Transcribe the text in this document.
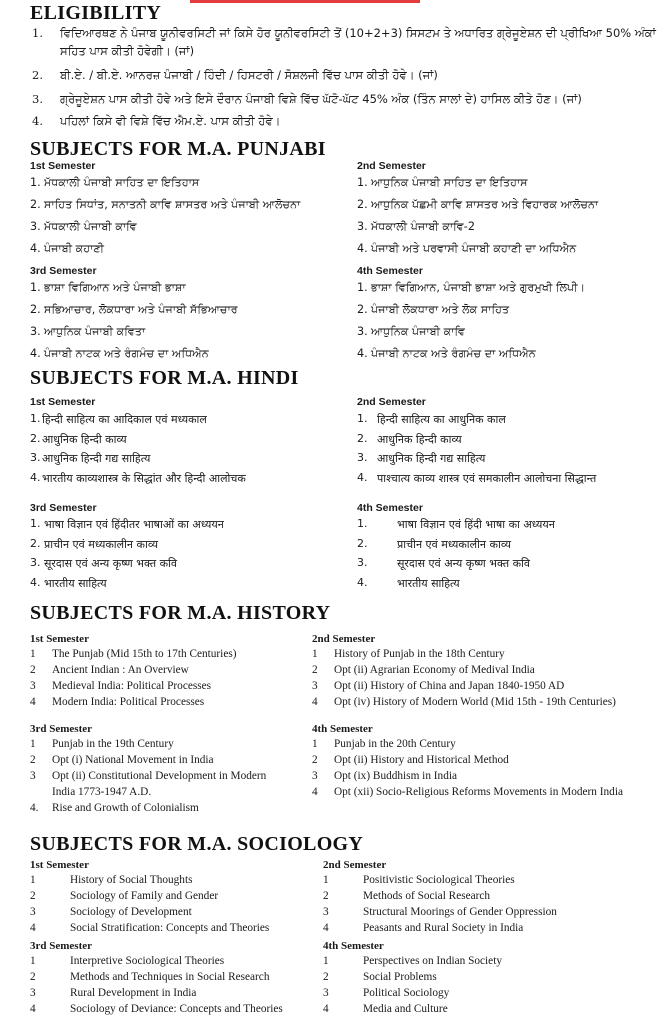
ELIGIBILITY
1. ਵਿਦਿਆਰਥਣ ਨੇ ਪੰਜਾਬ ਯੂਨੀਵਰਸਿਟੀ ਜਾਂ ਕਿਸੇ ਹੋਰ ਯੂਨੀਵਰਸਿਟੀ ਤੋਂ (10+2+3) ਸਿਸਟਮ ਤੇ ਅਧਾਰਿਤ ਗ੍ਰੇਜੂਏਸ਼ਨ ਦੀ ਪ੍ਰੀਖਿਆ 50% ਅੰਕਾਂ ਸਹਿਤ ਪਾਸ ਕੀਤੀ ਹੋਵੇਗੀ। (ਜਾਂ)
2. ਬੀ.ਏ. / ਬੀ.ਏ. ਆਨਰਜ਼ ਪੰਜਾਬੀ / ਹਿੰਦੀ / ਹਿਸਟਰੀ / ਸੋਸ਼ਲਜੀ ਵਿੱਚ ਪਾਸ ਕੀਤੀ ਹੋਵੇ। (ਜਾਂ)
3. ਗ੍ਰੇਜੂਏਸ਼ਨ ਪਾਸ ਕੀਤੀ ਹੋਵੇ ਅਤੇ ਇਸੇ ਦੌਰਾਨ ਪੰਜਾਬੀ ਵਿਸ਼ੇ ਵਿੱਚ ਘੱਟੋ-ਘੱਟ 45% ਅੰਕ (ਤਿੰਨ ਸਾਲਾਂ ਦੇ) ਹਾਸਿਲ ਕੀਤੇ ਹੋਣ। (ਜਾਂ)
4. ਪਹਿਲਾਂ ਕਿਸੇ ਵੀ ਵਿਸ਼ੇ ਵਿੱਚ ਐਮ.ਏ. ਪਾਸ ਕੀਤੀ ਹੋਵੇ।
SUBJECTS FOR M.A. PUNJABI
1st Semester
1. ਮੱਧਕਾਲੀ ਪੰਜਾਬੀ ਸਾਹਿਤ ਦਾ ਇਤਿਹਾਸ
2. ਸਾਹਿਤ ਸਿਧਾਂਤ, ਸਨਾਤਨੀ ਕਾਵਿ ਸ਼ਾਸਤਰ ਅਤੇ ਪੰਜਾਬੀ ਆਲੋਚਨਾ
3. ਮੱਧਕਾਲੀ ਪੰਜਾਬੀ ਕਾਵਿ
4. ਪੰਜਾਬੀ ਕਹਾਣੀ
2nd Semester
1. ਆਧੁਨਿਕ ਪੰਜਾਬੀ ਸਾਹਿਤ ਦਾ ਇਤਿਹਾਸ
2. ਆਧੁਨਿਕ ਪੱਛਮੀ ਕਾਵਿ ਸ਼ਾਸਤਰ ਅਤੇ ਵਿਹਾਰਕ ਆਲੋਚਨਾ
3. ਮੱਧਕਾਲੀ ਪੰਜਾਬੀ ਕਾਵਿ-2
4. ਪੰਜਾਬੀ ਅਤੇ ਪਰਵਾਸੀ ਪੰਜਾਬੀ ਕਹਾਣੀ ਦਾ ਅਧਿਐਨ
3rd Semester
1. ਭਾਸ਼ਾ ਵਿਗਿਆਨ ਅਤੇ ਪੰਜਾਬੀ ਭਾਸ਼ਾ
2. ਸਭਿਆਚਾਰ, ਲੋਕਧਾਰਾ ਅਤੇ ਪੰਜਾਬੀ ਸੱਭਿਆਚਾਰ
3. ਆਧੁਨਿਕ ਪੰਜਾਬੀ ਕਵਿਤਾ
4. ਪੰਜਾਬੀ ਨਾਟਕ ਅਤੇ ਰੰਗਮੰਚ ਦਾ ਅਧਿਐਨ
4th Semester
1. ਭਾਸ਼ਾ ਵਿਗਿਆਨ, ਪੰਜਾਬੀ ਭਾਸ਼ਾ ਅਤੇ ਗੁਰਮੁਖੀ ਲਿਪੀ।
2. ਪੰਜਾਬੀ ਲੋਕਧਾਰਾ ਅਤੇ ਲੋਕ ਸਾਹਿਤ
3. ਆਧੁਨਿਕ ਪੰਜਾਬੀ ਕਾਵਿ
4. ਪੰਜਾਬੀ ਨਾਟਕ ਅਤੇ ਰੰਗਮੰਚ ਦਾ ਅਧਿਐਨ
SUBJECTS FOR M.A. HINDI
1st Semester
1. हिन्दी साहित्य का आदिकाल एवं मध्यकाल
2. आधुनिक हिन्दी काव्य
3. आधुनिक हिन्दी गद्य साहित्य
4. भारतीय काव्यशास्त्र के सिद्धांत और हिन्दी आलोचक
2nd Semester
1. हिन्दी साहित्य का आधुनिक काल
2. आधुनिक हिन्दी काव्य
3. आधुनिक हिन्दी गद्य साहित्य
4. पाश्चात्य काव्य शास्त्र एवं समकालीन आलोचना सिद्धान्त
3rd Semester
1. भाषा विज्ञान एवं हिंदीतर भाषाओं का अध्ययन
2. प्राचीन एवं मध्यकालीन काव्य
3. सूरदास एवं अन्य कृष्ण भक्त कवि
4. भारतीय साहित्य
4th Semester
1.	भाषा विज्ञान एवं हिंदी भाषा का अध्ययन
2.	प्राचीन एवं मध्यकालीन काव्य
3.	सूरदास एवं अन्य कृष्ण भक्त कवि
4.	भारतीय साहित्य
SUBJECTS FOR M.A. HISTORY
1st Semester
1 The Punjab (Mid 15th to 17th Centuries)
2 Ancient Indian : An Overview
3 Medieval India: Political Processes
4 Modern India: Political Processes
2nd Semester
1 History of Punjab in the 18th Century
2 Opt (ii) Agrarian Economy of Medival India
3 Opt (ii) History of China and Japan 1840-1950 AD
4 Opt (iv) History of Modern World (Mid 15th - 19th Centuries)
3rd Semester
1 Punjab in the 19th Century
2 Opt (i) National Movement in India
3 Opt (ii) Constitutional Development in Modern
India 1773-1947 A.D.
4. Rise and Growth of Colonialism
4th Semester
1 Punjab in the 20th Century
2 Opt (ii) History and Historical Method
3 Opt (ix) Buddhism in India
4 Opt (xii) Socio-Religious Reforms Movements in Modern India
SUBJECTS FOR M.A. SOCIOLOGY
1st Semester
1	History of Social Thoughts
2	Sociology of Family and Gender
3	Sociology of Development
4	Social Stratification: Concepts and Theories
2nd Semester
1	Positivistic Sociological Theories
2	Methods of Social Research
3	Structural Moorings of Gender Oppression
4	Peasants and Rural Society in India
3rd Semester
1	Interpretive Sociological Theories
2	Methods and Techniques in Social Research
3	Rural Development in India
4	Sociology of Deviance: Concepts and Theories
4th Semester
1	Perspectives on Indian Society
2	Social Problems
3	Political Sociology
4	Media and Culture
